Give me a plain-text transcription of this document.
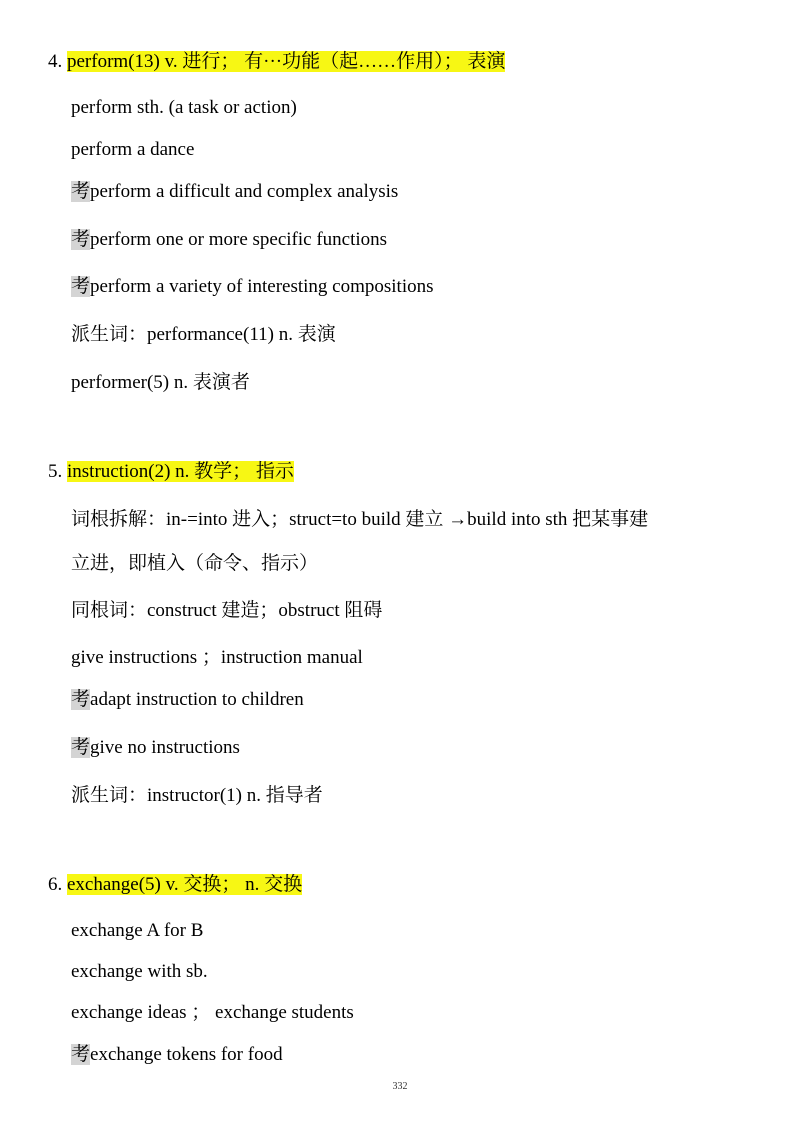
4. perform(13) v. 进行； 有···功能（起……作用）； 表演
perform sth. (a task or action)
perform a dance
考perform a difficult and complex analysis
考perform one or more specific functions
考perform a variety of interesting compositions
派生词：performance(11) n. 表演
performer(5) n. 表演者
5. instruction(2) n. 教学； 指示
词根拆解：in-=into 进入；struct=to build 建立 →build into sth 把某事建
立进，即植入（命令、指示）
同根词：construct 建造；obstruct 阻碍
give instructions ；instruction manual
考adapt instruction to children
考give no instructions
派生词：instructor(1) n. 指导者
6. exchange(5) v. 交换； n. 交换
exchange A for B
exchange with sb.
exchange ideas ； exchange students
考exchange tokens for food
332
